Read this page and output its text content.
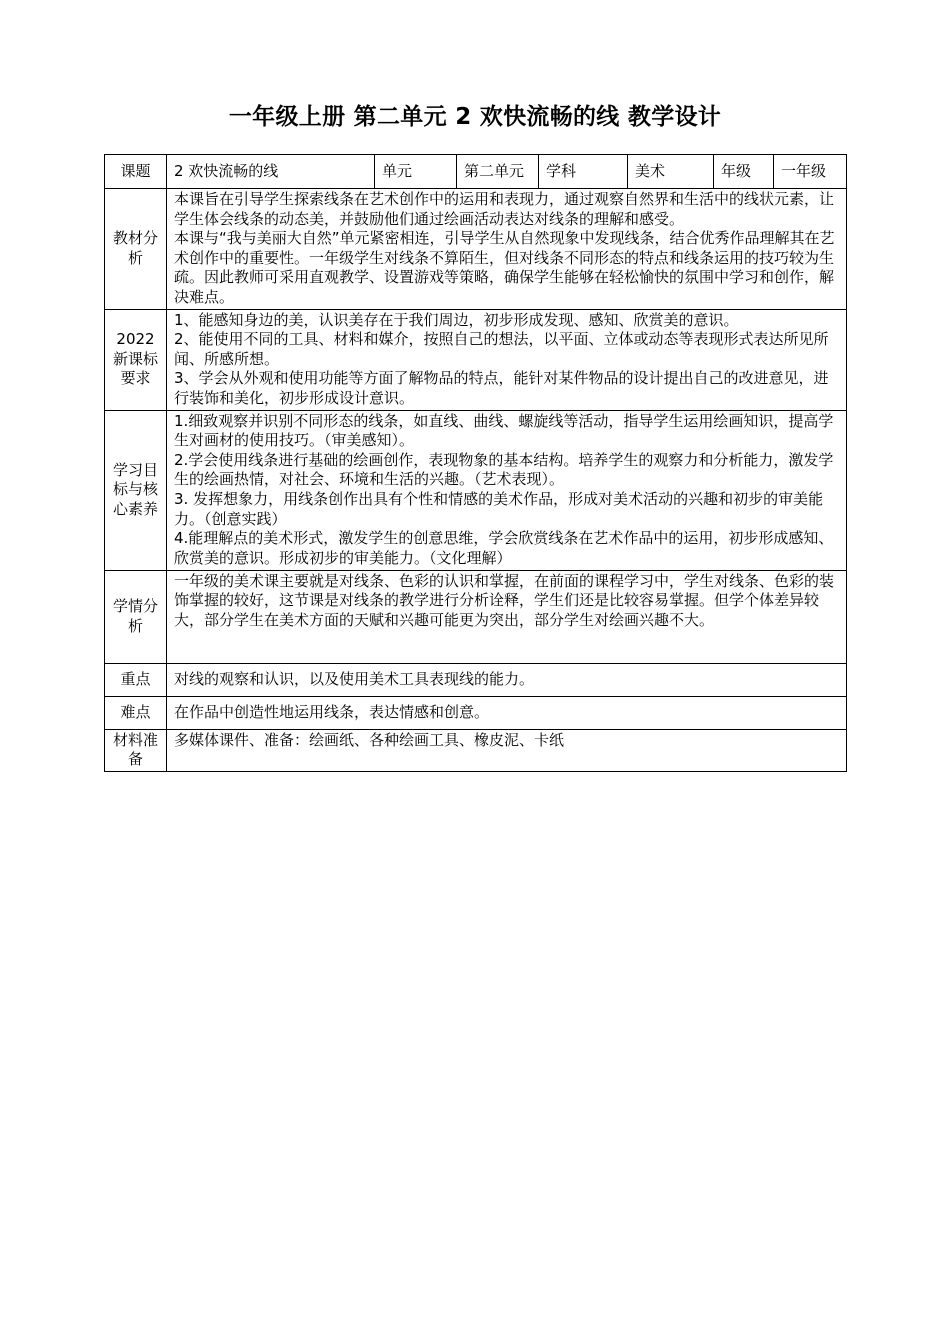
一年级上册 第二单元 2 欢快流畅的线 教学设计
课题	2 欢快流畅的线	单元	第二单元	学科	美术	年级	一年级
教材分析	本课旨在引导学生探索线条在艺术创作中的运用和表现力，通过观察自然界和生活中的线状元素，让学生体会线条的动态美，并鼓励他们通过绘画活动表达对线条的理解和感受。
本课与“我与美丽大自然”单元紧密相连，引导学生从自然现象中发现线条，结合优秀作品理解其在艺术创作中的重要性。一年级学生对线条不算陌生，但对线条不同形态的特点和线条运用的技巧较为生疏。因此教师可采用直观教学、设置游戏等策略，确保学生能够在轻松愉快的氛围中学习和创作，解决难点。						

2022新课标要求	1、能感知身边的美，认识美存在于我们周边，初步形成发现、感知、欣赏美的意识。
2、能使用不同的工具、材料和媒介，按照自己的想法，以平面、立体或动态等表现形式表达所见所闻、所感所想。
3、学会从外观和使用功能等方面了解物品的特点，能针对某件物品的设计提出自己的改进意见，进行装饰和美化，初步形成设计意识。						

学习目标与核心素养	1.细致观察并识别不同形态的线条，如直线、曲线、螺旋线等活动，指导学生运用绘画知识，提高学生对画材的使用技巧。（审美感知）。
2.学会使用线条进行基础的绘画创作，表现物象的基本结构。培养学生的观察力和分析能力，激发学生的绘画热情，对社会、环境和生活的兴趣。（艺术表现）。
3. 发挥想象力，用线条创作出具有个性和情感的美术作品，形成对美术活动的兴趣和初步的审美能力。（创意实践）
4.能理解点的美术形式，激发学生的创意思维，学会欣赏线条在艺术作品中的运用，初步形成感知、欣赏美的意识。形成初步的审美能力。（文化理解）						

学情分析	一年级的美术课主要就是对线条、色彩的认识和掌握，在前面的课程学习中，学生对线条、色彩的装饰掌握的较好，这节课是对线条的教学进行分析诠释，学生们还是比较容易掌握。但学个体差异较大，部分学生在美术方面的天赋和兴趣可能更为突出，部分学生对绘画兴趣不大。						

重点	对线的观察和认识，以及使用美术工具表现线的能力。						
难点	在作品中创造性地运用线条，表达情感和创意。						
材料准备	多媒体课件、准备：绘画纸、各种绘画工具、橡皮泥、卡纸						
